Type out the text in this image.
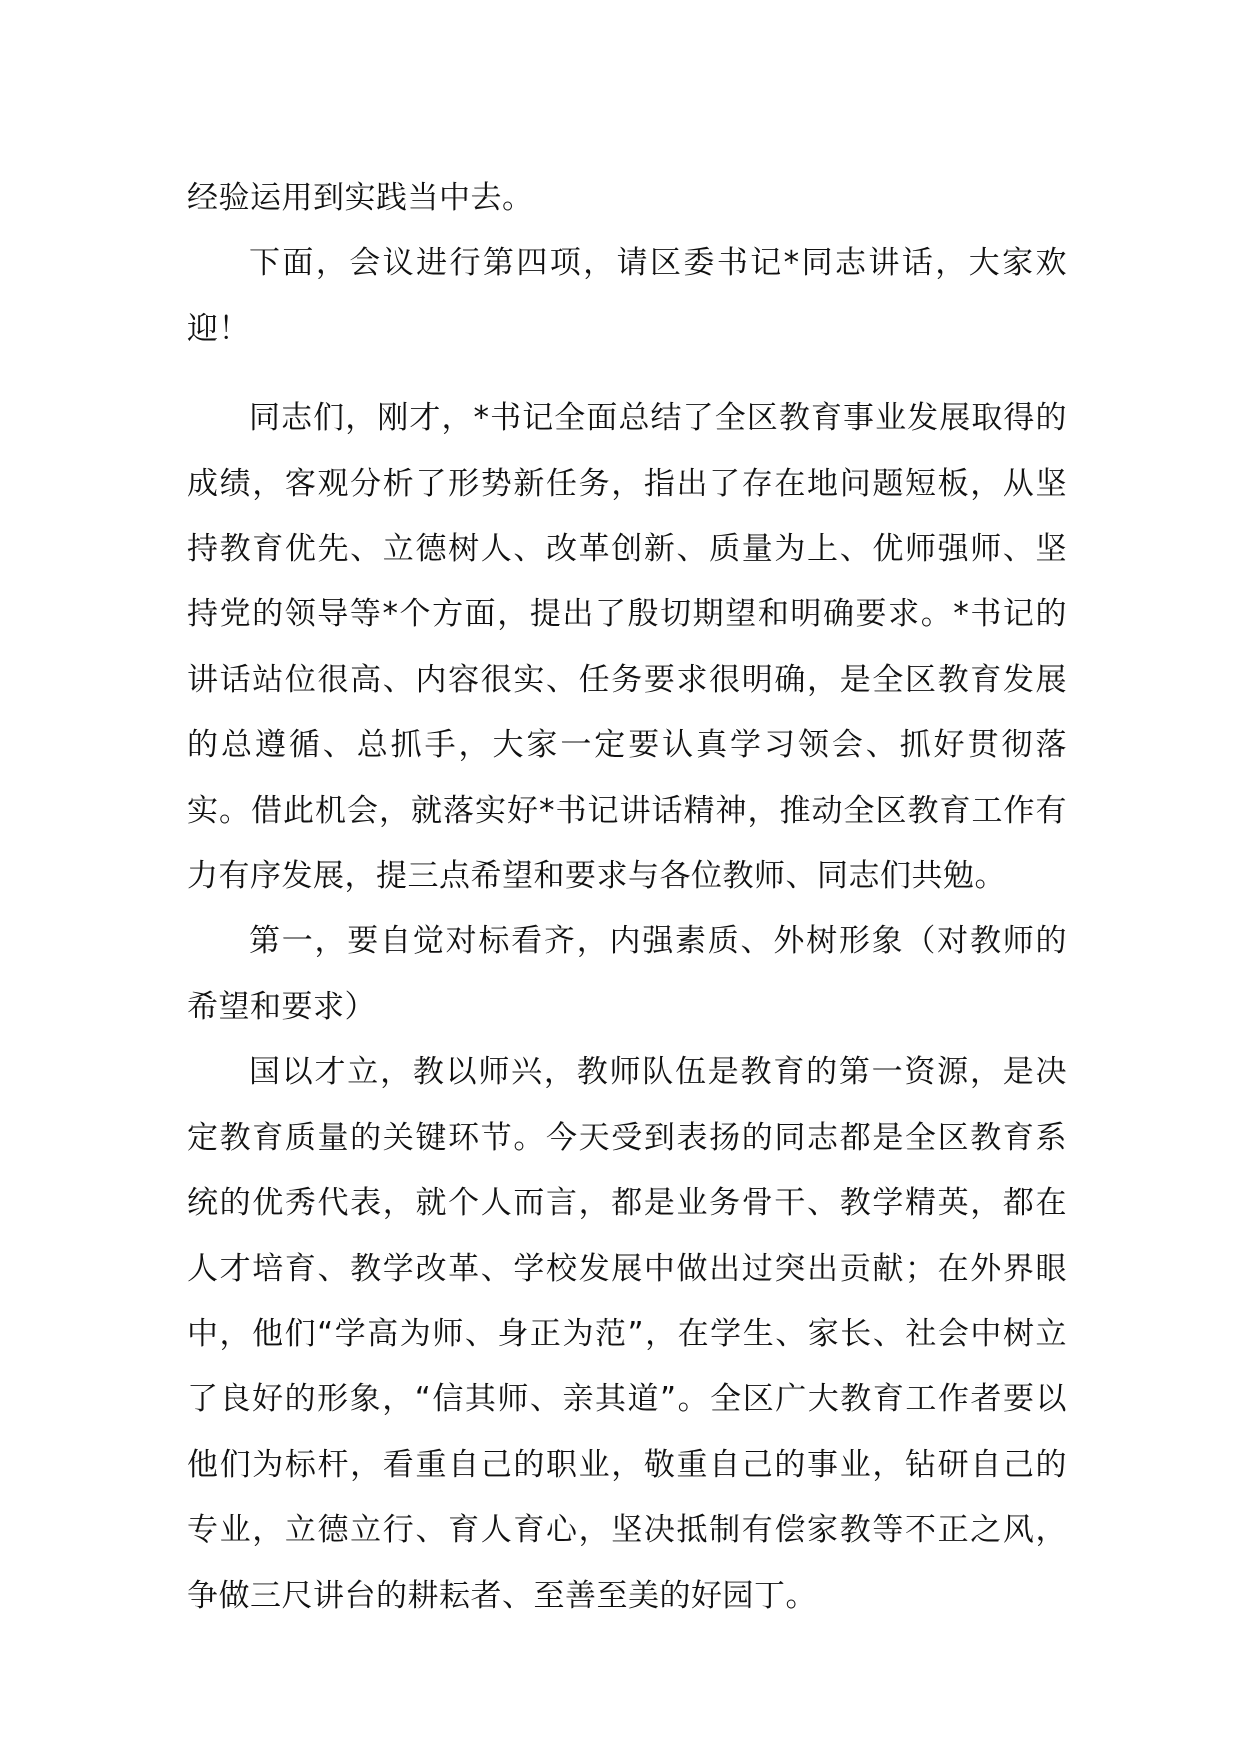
经验运用到实践当中去。

下面，会议进行第四项，请区委书记*同志讲话，大家欢迎！

同志们，刚才，*书记全面总结了全区教育事业发展取得的成绩，客观分析了形势新任务，指出了存在地问题短板，从坚持教育优先、立德树人、改革创新、质量为上、优师强师、坚持党的领导等*个方面，提出了殷切期望和明确要求。*书记的讲话站位很高、内容很实、任务要求很明确，是全区教育发展的总遵循、总抓手，大家一定要认真学习领会、抓好贯彻落实。借此机会，就落实好*书记讲话精神，推动全区教育工作有力有序发展，提三点希望和要求与各位教师、同志们共勉。

第一，要自觉对标看齐，内强素质、外树形象（对教师的希望和要求）

国以才立，教以师兴，教师队伍是教育的第一资源，是决定教育质量的关键环节。今天受到表扬的同志都是全区教育系统的优秀代表，就个人而言，都是业务骨干、教学精英，都在人才培育、教学改革、学校发展中做出过突出贡献；在外界眼中，他们“学高为师、身正为范”，在学生、家长、社会中树立了良好的形象，“信其师、亲其道”。全区广大教育工作者要以他们为标杆，看重自己的职业，敬重自己的事业，钻研自己的专业，立德立行、育人育心，坚决抵制有偿家教等不正之风，争做三尺讲台的耕耘者、至善至美的好园丁。
